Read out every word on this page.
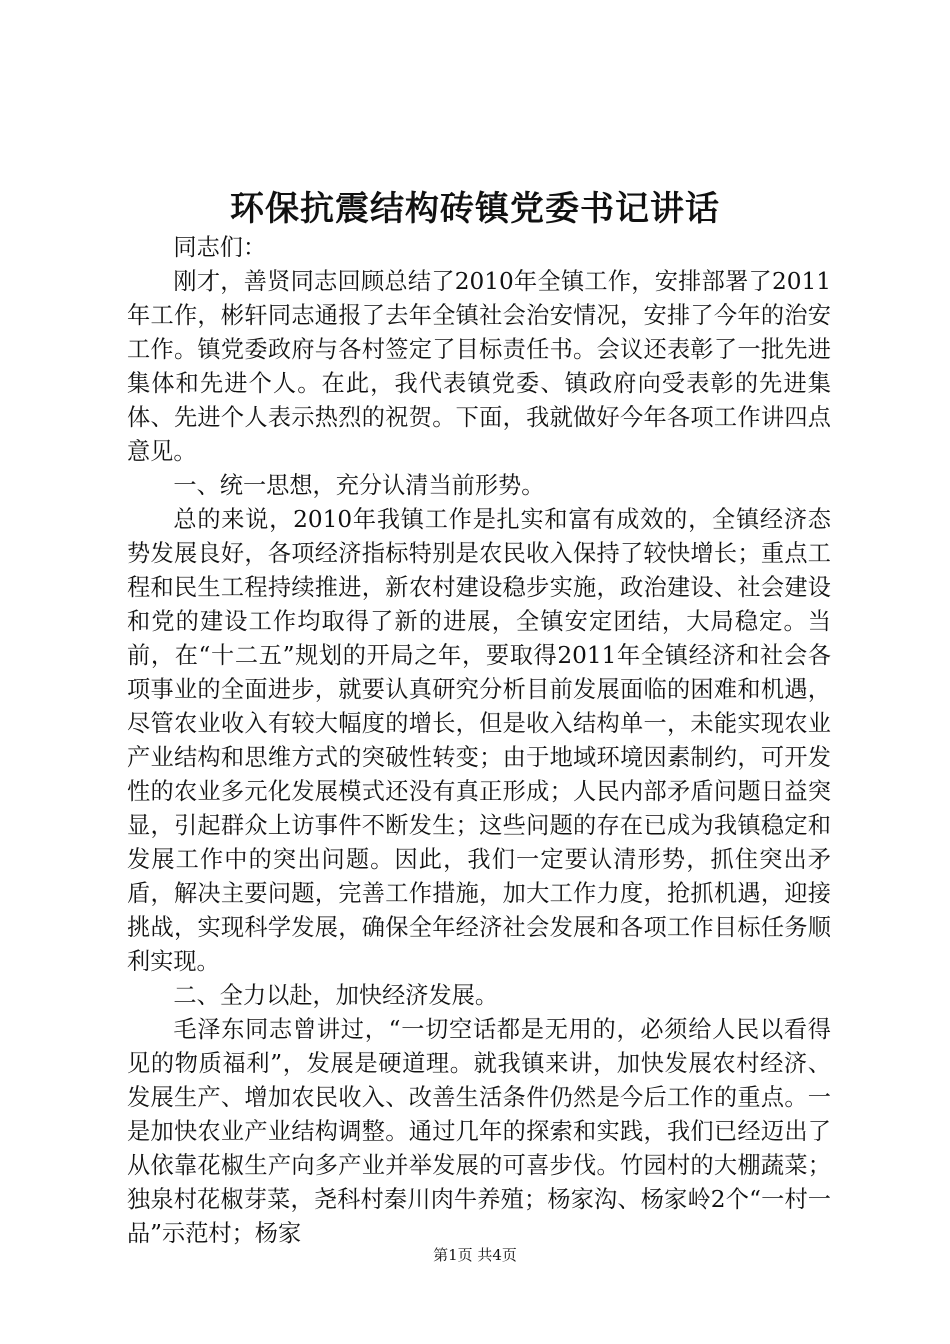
环保抗震结构砖镇党委书记讲话

同志们：

刚才，善贤同志回顾总结了2010年全镇工作，安排部署了2011年工作，彬轩同志通报了去年全镇社会治安情况，安排了今年的治安工作。镇党委政府与各村签定了目标责任书。会议还表彰了一批先进集体和先进个人。在此，我代表镇党委、镇政府向受表彰的先进集体、先进个人表示热烈的祝贺。下面，我就做好今年各项工作讲四点意见。

一、统一思想，充分认清当前形势。

总的来说，2010年我镇工作是扎实和富有成效的，全镇经济态势发展良好，各项经济指标特别是农民收入保持了较快增长；重点工程和民生工程持续推进，新农村建设稳步实施，政治建设、社会建设和党的建设工作均取得了新的进展，全镇安定团结，大局稳定。当前，在“十二五”规划的开局之年，要取得2011年全镇经济和社会各项事业的全面进步，就要认真研究分析目前发展面临的困难和机遇，尽管农业收入有较大幅度的增长，但是收入结构单一，未能实现农业产业结构和思维方式的突破性转变；由于地域环境因素制约，可开发性的农业多元化发展模式还没有真正形成；人民内部矛盾问题日益突显，引起群众上访事件不断发生；这些问题的存在已成为我镇稳定和发展工作中的突出问题。因此，我们一定要认清形势，抓住突出矛盾，解决主要问题，完善工作措施，加大工作力度，抢抓机遇，迎接挑战，实现科学发展，确保全年经济社会发展和各项工作目标任务顺利实现。

二、全力以赴，加快经济发展。

毛泽东同志曾讲过，“一切空话都是无用的，必须给人民以看得见的物质福利”，发展是硬道理。就我镇来讲，加快发展农村经济、发展生产、增加农民收入、改善生活条件仍然是今后工作的重点。一是加快农业产业结构调整。通过几年的探索和实践，我们已经迈出了从依靠花椒生产向多产业并举发展的可喜步伐。竹园村的大棚蔬菜；独泉村花椒芽菜，尧科村秦川肉牛养殖；杨家沟、杨家岭2个“一村一品”示范村；杨家

第1页 共4页
